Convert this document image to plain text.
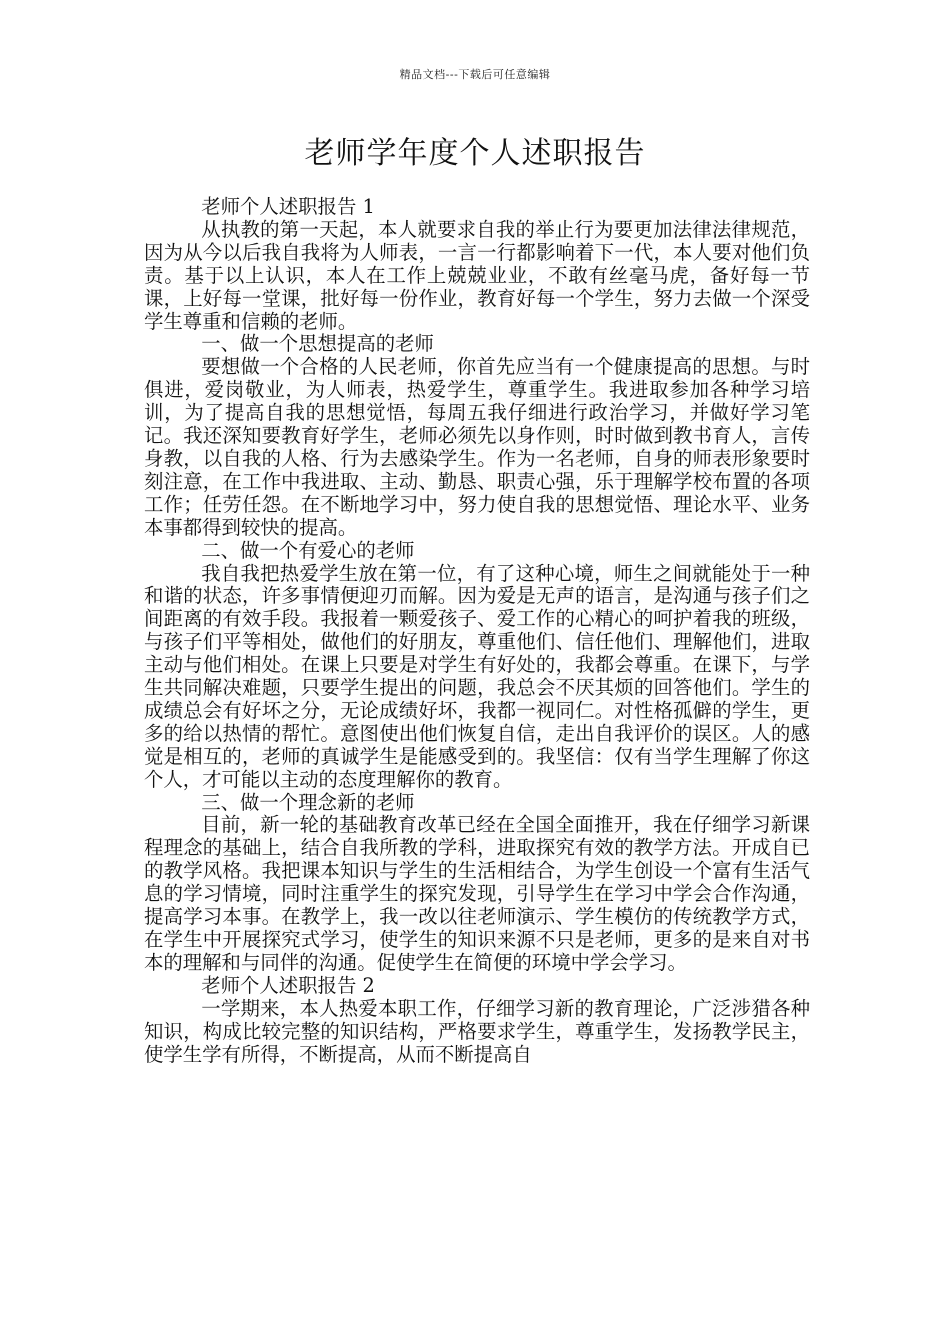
精品文档---下载后可任意编辑
老师学年度个人述职报告

老师个人述职报告 1

从执教的第一天起，本人就要求自我的举止行为要更加法律法律规范，因为从今以后我自我将为人师表，一言一行都影响着下一代，本人要对他们负责。基于以上认识，本人在工作上兢兢业业，不敢有丝毫马虎，备好每一节课，上好每一堂课，批好每一份作业，教育好每一个学生，努力去做一个深受学生尊重和信赖的老师。

一、做一个思想提高的老师

要想做一个合格的人民老师，你首先应当有一个健康提高的思想。与时俱进，爱岗敬业，为人师表，热爱学生，尊重学生。我进取参加各种学习培训，为了提高自我的思想觉悟，每周五我仔细进行政治学习，并做好学习笔记。我还深知要教育好学生，老师必须先以身作则，时时做到教书育人，言传身教，以自我的人格、行为去感染学生。作为一名老师，自身的师表形象要时刻注意，在工作中我进取、主动、勤恳、职责心强，乐于理解学校布置的各项工作；任劳任怨。在不断地学习中，努力使自我的思想觉悟、理论水平、业务本事都得到较快的提高。

二、做一个有爱心的老师

我自我把热爱学生放在第一位，有了这种心境，师生之间就能处于一种和谐的状态，许多事情便迎刃而解。因为爱是无声的语言，是沟通与孩子们之间距离的有效手段。我报着一颗爱孩子、爱工作的心精心的呵护着我的班级，与孩子们平等相处，做他们的好朋友，尊重他们、信任他们、理解他们，进取主动与他们相处。在课上只要是对学生有好处的，我都会尊重。在课下，与学生共同解决难题，只要学生提出的问题，我总会不厌其烦的回答他们。学生的成绩总会有好坏之分，无论成绩好坏，我都一视同仁。对性格孤僻的学生，更多的给以热情的帮忙。意图使出他们恢复自信，走出自我评价的误区。人的感觉是相互的，老师的真诚学生是能感受到的。我坚信：仅有当学生理解了你这个人，才可能以主动的态度理解你的教育。

三、做一个理念新的老师

目前，新一轮的基础教育改革已经在全国全面推开，我在仔细学习新课程理念的基础上，结合自我所教的学科，进取探究有效的教学方法。开成自已的教学风格。我把课本知识与学生的生活相结合，为学生创设一个富有生活气息的学习情境，同时注重学生的探究发现，引导学生在学习中学会合作沟通，提高学习本事。在教学上，我一改以往老师演示、学生模仿的传统教学方式，在学生中开展探究式学习，使学生的知识来源不只是老师，更多的是来自对书本的理解和与同伴的沟通。促使学生在简便的环境中学会学习。

老师个人述职报告 2

一学期来，本人热爱本职工作，仔细学习新的教育理论，广泛涉猎各种知识，构成比较完整的知识结构，严格要求学生，尊重学生，发扬教学民主，使学生学有所得，不断提高，从而不断提高自
